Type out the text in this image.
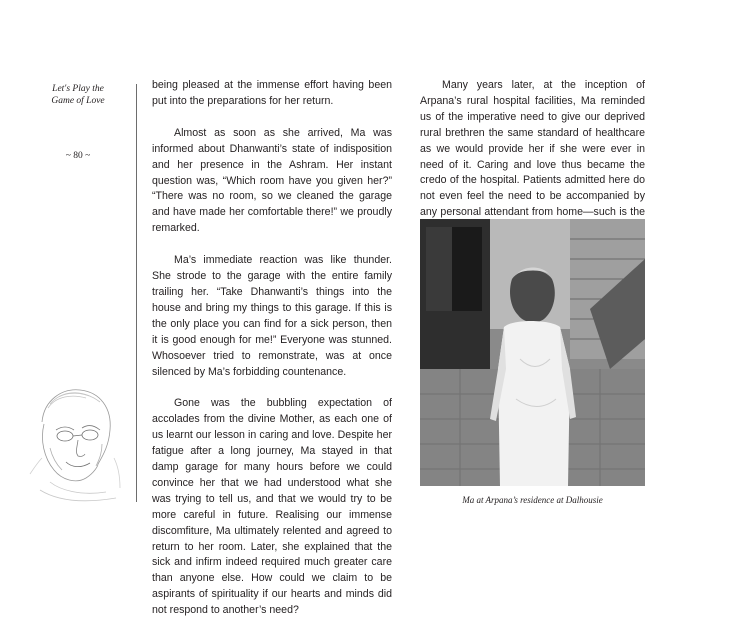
Let's Play the
Game of Love
~ 80 ~

being pleased at the immense effort having been put into the preparations for her return.

Almost as soon as she arrived, Ma was informed about Dhanwanti’s state of indisposition and her presence in the Ashram. Her instant question was, “Which room have you given her?” “There was no room, so we cleaned the garage and have made her comfortable there!” we proudly remarked.

Ma’s immediate reaction was like thunder. She strode to the garage with the entire family trailing her. “Take Dhanwanti’s things into the house and bring my things to this garage. If this is the only place you can find for a sick person, then it is good enough for me!” Everyone was stunned. Whosoever tried to remonstrate, was at once silenced by Ma’s forbidding countenance.

Gone was the bubbling expectation of accolades from the divine Mother, as each one of us learnt our lesson in caring and love. Despite her fatigue after a long journey, Ma stayed in that damp garage for many hours before we could convince her that we had understood what she was trying to tell us, and that we would try to be more careful in future. Realising our immense discomfiture, Ma ultimately relented and agreed to return to her room. Later, she explained that the sick and infirm indeed required much greater care than anyone else. How could we claim to be aspirants of spirituality if our hearts and minds did not respond to another’s need?

Many years later, at the inception of Arpana’s rural hospital facilities, Ma reminded us of the imperative need to give our deprived rural brethren the same standard of healthcare as we would provide her if she were ever in need of it. Caring and love thus became the credo of the hospital. Patients admitted here do not even feel the need to be accompanied by any personal attendant from home—such is the

Ma at Arpana’s residence at Dalhousie
